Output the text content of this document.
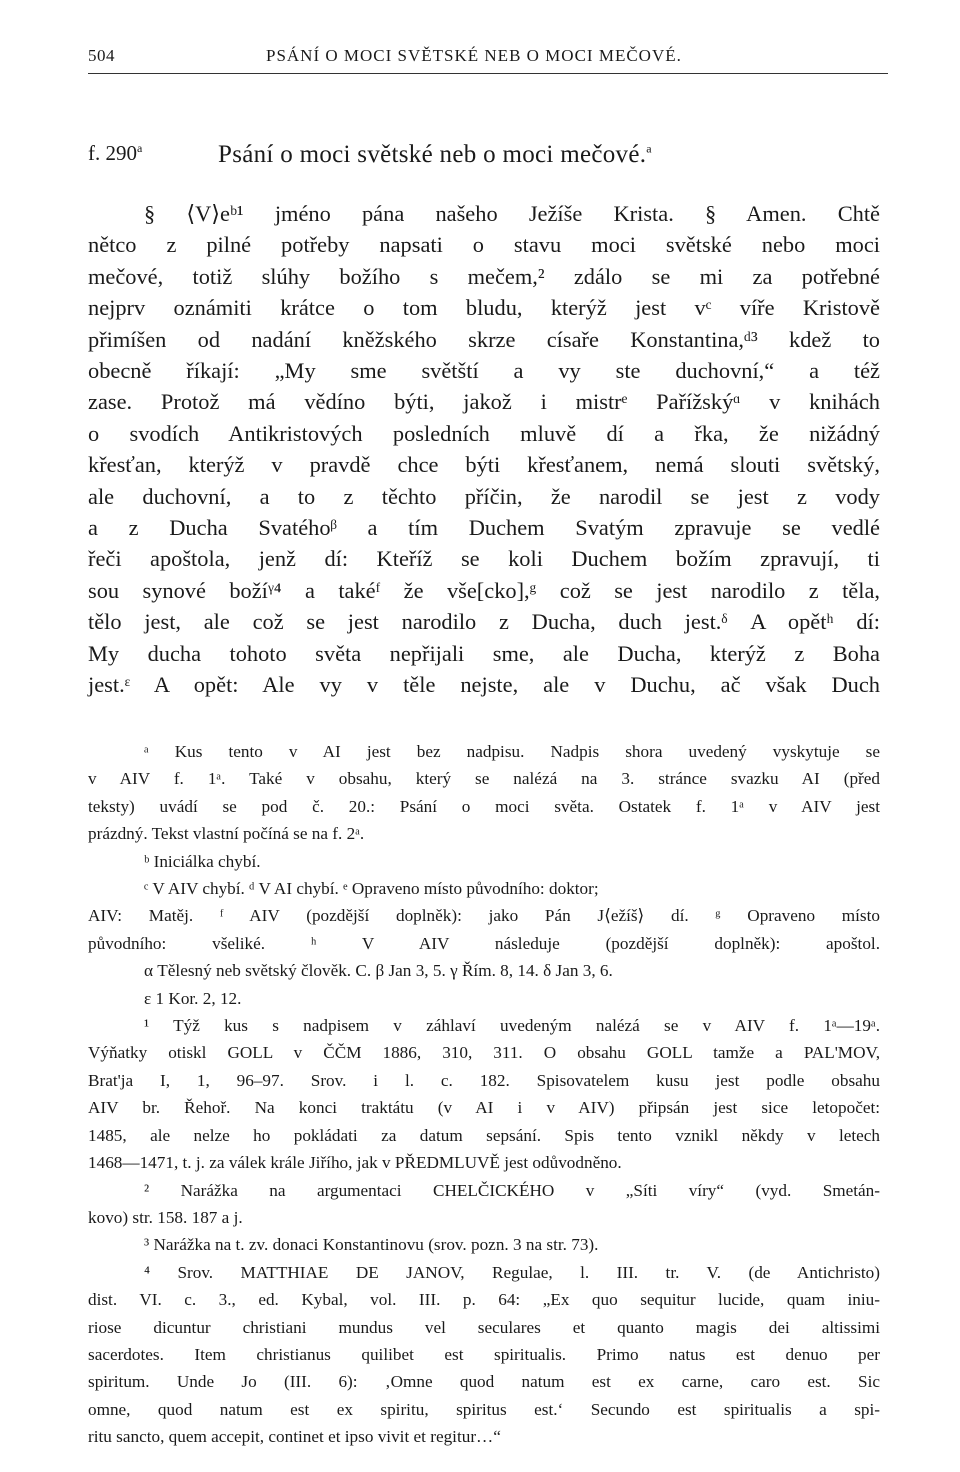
504	PSÁNÍ O MOCI SVĚTSKÉ NEB O MOCI MEČOVÉ.
f. 290$^a$	Psání o moci světské neb o moci mečové.$^a$
§ ⟨V⟩eᵇ¹ jméno pána našeho Ježíše Krista. § Amen. Chtě
nětco z pilné potřeby napsati o stavu moci světské nebo moci
mečové, totiž slúhy božího s mečem,² zdálo se mi za potřebné
nejprv oznámiti krátce o tom bludu, kterýž jest vᶜ víře Kristově
přimíšen od nadání kněžského skrze císaře Konstantina,ᵈ³ kdež to
obecně říkají: „My sme světští a vy ste duchovní,“ a též
zase. Protož má vědíno býti, jakož i mistrᵉ Pařížskýᵅ v knihách
o svodích Antikristových posledních mluvě dí a řka, že nižádný
křesťan, kterýž v pravdě chce býti křesťanem, nemá slouti světský,
ale duchovní, a to z těchto příčin, že narodil se jest z vody
a z Ducha Svatéhoᵝ a tím Duchem Svatým zpravuje se vedlé
řeči apoštola, jenž dí: Kteříž se koli Duchem božím zpravují, ti
sou synové božíᵞ⁴ a takéᶠ že vše[cko],ᵍ což se jest narodilo z těla,
tělo jest, ale což se jest narodilo z Ducha, duch jest.ᵟ A opětʰ dí:
My ducha tohoto světa nepřijali sme, ale Ducha, kterýž z Boha
jest.ᵋ A opět: Ale vy v těle nejste, ale v Duchu, ač však Duch
ᵃ Kus tento v AI jest bez nadpisu. Nadpis shora uvedený vyskytuje se
v AIV f. 1ᵃ. Také v obsahu, který se nalézá na 3. stránce svazku AI (před
teksty) uvádí se pod č. 20.: Psání o moci světa. Ostatek f. 1ᵃ v AIV jest
prázdný. Tekst vlastní počíná se na f. 2ᵃ.
ᵇ Iniciálka chybí.
ᶜ V AIV chybí. ᵈ V AI chybí. ᵉ Opraveno místo původního: doktor;
AIV: Matěj. ᶠ AIV (pozdější doplněk): jako Pán J⟨ežíš⟩ dí. ᵍ Opraveno místo
původního: všeliké. ʰ V AIV následuje (pozdější doplněk): apoštol.
α Tělesný neb světský člověk. C. β Jan 3, 5. γ Řím. 8, 14. δ Jan 3, 6.
ε 1 Kor. 2, 12.
¹ Týž kus s nadpisem v záhlaví uvedeným nalézá se v AIV f. 1ᵃ—19ᵃ.
Výňatky otiskl GOLL v ČČM 1886, 310, 311. O obsahu GOLL tamže a PAL'MOV,
Brat'ja I, 1, 96–97. Srov. i l. c. 182. Spisovatelem kusu jest podle obsahu
AIV br. Řehoř. Na konci traktátu (v AI i v AIV) připsán jest sice letopočet:
1485, ale nelze ho pokládati za datum sepsání. Spis tento vznikl někdy v letech
1468—1471, t. j. za válek krále Jiřího, jak v PŘEDMLUVĚ jest odůvodněno.
² Narážka na argumentaci CHELČICKÉHO v „Síti víry“ (vyd. Smetán-
kovo) str. 158. 187 a j.
³ Narážka na t. zv. donaci Konstantinovu (srov. pozn. 3 na str. 73).
⁴ Srov. MATTHIAE DE JANOV, Regulae, l. III. tr. V. (de Antichristo)
dist. VI. c. 3., ed. Kybal, vol. III. p. 64: „Ex quo sequitur lucide, quam iniu-
riose dicuntur christiani mundus vel seculares et quanto magis dei altissimi
sacerdotes. Item christianus quilibet est spiritualis. Primo natus est denuo per
spiritum. Unde Jo (III. 6): ‚Omne quod natum est ex carne, caro est. Sic
omne, quod natum est ex spiritu, spiritus est.‘ Secundo est spiritualis a spi-
ritu sancto, quem accepit, continet et ipso vivit et regitur…“
